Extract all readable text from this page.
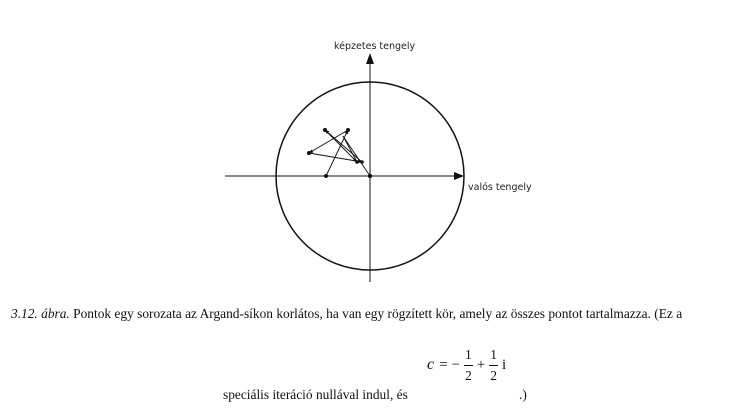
képzetes tengely
valós tengely
3.12. ábra. Pontok egy sorozata az Argand-síkon korlátos, ha van egy rögzített kör, amely az összes pontot tartalmazza. (Ez a
c = − $\frac{1}{2} + \frac{1}{2}$ i
speciális iteráció nullával indul, és	.)
